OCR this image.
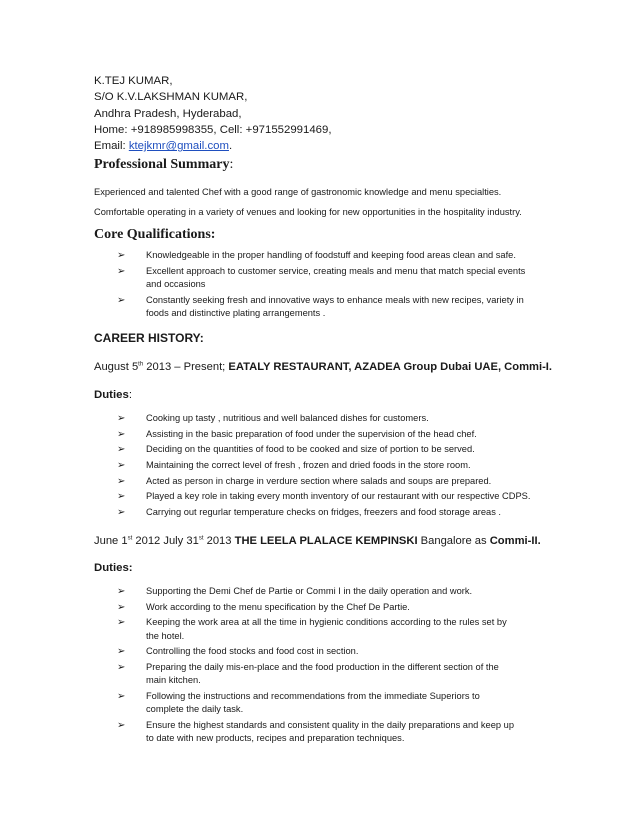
K.TEJ KUMAR,
S/O K.V.LAKSHMAN KUMAR,
Andhra Pradesh, Hyderabad,
Home: +918985998355, Cell: +971552991469,
Email: ktejkmr@gmail.com.
Professional Summary:

Experienced and talented Chef with a good range of gastronomic knowledge and menu specialties.

Comfortable operating in a variety of venues and looking for new opportunities in the hospitality industry.

Core Qualifications:
➢ Knowledgeable in the proper handling of foodstuff and keeping food areas clean and safe.
➢ Excellent approach to customer service, creating meals and menu that match special events and occasions
➢ Constantly seeking fresh and innovative ways to enhance meals with new recipes, variety in foods and distinctive plating arrangements .
CAREER HISTORY:
August 5th 2013 – Present; EATALY RESTAURANT, AZADEA Group Dubai UAE, Commi-I.
Duties:
➢ Cooking up tasty , nutritious and well balanced dishes for customers.
➢ Assisting in the basic preparation of food under the supervision of the head chef.
➢ Deciding on the quantities of food to be cooked and size of portion to be served.
➢ Maintaining the correct level of fresh , frozen and dried foods in the store room.
➢ Acted as person in charge in verdure section where salads and soups are prepared.
➢ Played a key role in taking every month inventory of our restaurant with our respective CDPS.
➢ Carrying out regurlar temperature checks on fridges, freezers and food storage areas .
June 1st 2012 July 31st 2013 THE LEELA PLALACE KEMPINSKI Bangalore as Commi-II.
Duties:
➢ Supporting the Demi Chef de Partie or Commi I in the daily operation and work.
➢ Work according to the menu specification by the Chef De Partie.
➢ Keeping the work area at all the time in hygienic conditions according to the rules set by the hotel.
➢ Controlling the food stocks and food cost in section.
➢ Preparing the daily mis-en-place and the food production in the different section of the main kitchen.
➢ Following the instructions and recommendations from the immediate Superiors to complete the daily task.
➢ Ensure the highest standards and consistent quality in the daily preparations and keep up to date with new products, recipes and preparation techniques.
